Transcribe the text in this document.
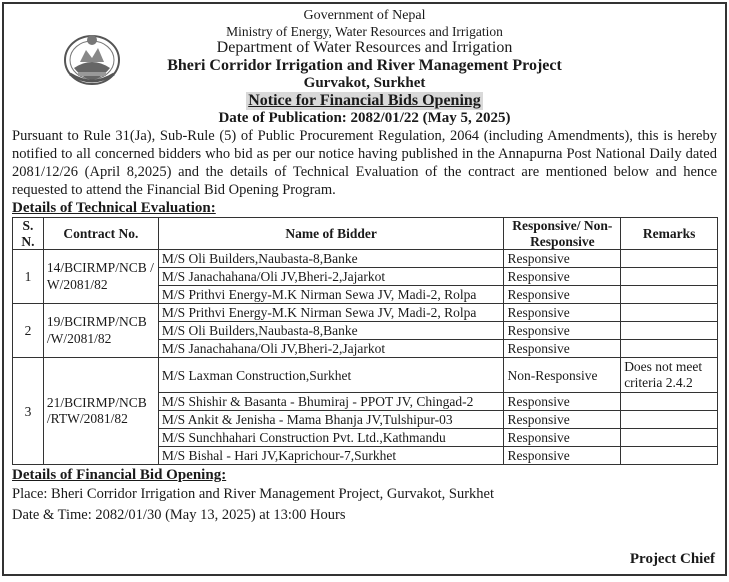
Government of Nepal
Ministry of Energy, Water Resources and Irrigation
Department of Water Resources and Irrigation
Bheri Corridor Irrigation and River Management Project
Gurvakot, Surkhet
Notice for Financial Bids Opening
Date of Publication: 2082/01/22 (May 5, 2025)
Pursuant to Rule 31(Ja), Sub-Rule (5) of Public Procurement Regulation, 2064 (including Amendments), this is hereby notified to all concerned bidders who bid as per our notice having published in the Annapurna Post National Daily dated 2081/12/26 (April 8,2025) and the details of Technical Evaluation of the contract are mentioned below and hence requested to attend the Financial Bid Opening Program.
Details of Technical Evaluation:
S. N.	Contract No.	Name of Bidder	Responsive/ Non-Responsive	Remarks
1	14/BCIRMP/NCB / W/2081/82	M/S Oli Builders,Naubasta-8,Banke	Responsive	
		M/S Janachahana/Oli JV,Bheri-2,Jajarkot	Responsive	
		M/S Prithvi Energy-M.K Nirman Sewa JV, Madi-2, Rolpa	Responsive	
2	19/BCIRMP/NCB /W/2081/82	M/S Prithvi Energy-M.K Nirman Sewa JV, Madi-2, Rolpa	Responsive	
		M/S Oli Builders,Naubasta-8,Banke	Responsive	
		M/S Janachahana/Oli JV,Bheri-2,Jajarkot	Responsive	
3	21/BCIRMP/NCB /RTW/2081/82	M/S Laxman Construction,Surkhet	Non-Responsive	Does not meet criteria 2.4.2
		M/S Shishir & Basanta - Bhumiraj - PPOT JV, Chingad-2	Responsive	
		M/S Ankit & Jenisha - Mama Bhanja JV,Tulshipur-03	Responsive	
		M/S Sunchhahari Construction Pvt. Ltd.,Kathmandu	Responsive	
		M/S Bishal - Hari JV,Kaprichour-7,Surkhet	Responsive	
Details of Financial Bid Opening:
Place: Bheri Corridor Irrigation and River Management Project, Gurvakot, Surkhet
Date & Time: 2082/01/30 (May 13, 2025) at 13:00 Hours
Project Chief
